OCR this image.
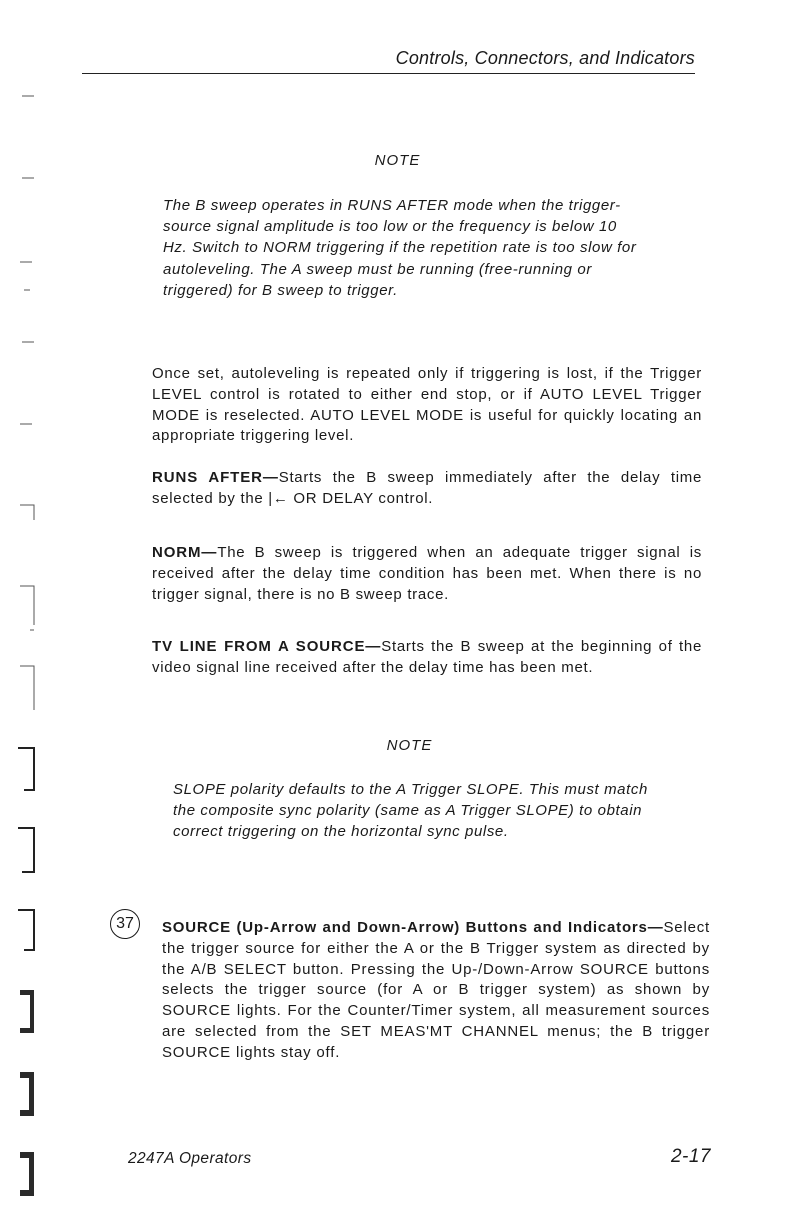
Controls, Connectors, and Indicators
NOTE

The B sweep operates in RUNS AFTER mode when the trigger-source signal amplitude is too low or the frequency is below 10 Hz. Switch to NORM triggering if the repetition rate is too slow for autoleveling. The A sweep must be running (free-running or triggered) for B sweep to trigger.

Once set, autoleveling is repeated only if triggering is lost, if the Trigger LEVEL control is rotated to either end stop, or if AUTO LEVEL Trigger MODE is reselected. AUTO LEVEL MODE is useful for quickly locating an appropriate triggering level.

RUNS AFTER—Starts the B sweep immediately after the delay time selected by the |← OR DELAY control.

NORM—The B sweep is triggered when an adequate trigger signal is received after the delay time condition has been met. When there is no trigger signal, there is no B sweep trace.

TV LINE FROM A SOURCE—Starts the B sweep at the beginning of the video signal line received after the delay time has been met.

NOTE

SLOPE polarity defaults to the A Trigger SLOPE. This must match the composite sync polarity (same as A Trigger SLOPE) to obtain correct triggering on the horizontal sync pulse.

37	SOURCE (Up-Arrow and Down-Arrow) Buttons and Indicators—Select the trigger source for either the A or the B Trigger system as directed by the A/B SELECT button. Pressing the Up-/Down-Arrow SOURCE buttons selects the trigger source (for A or B trigger system) as shown by SOURCE lights. For the Counter/Timer system, all measurement sources are selected from the SET MEAS'MT CHANNEL menus; the B trigger SOURCE lights stay off.

2247A Operators	2-17
